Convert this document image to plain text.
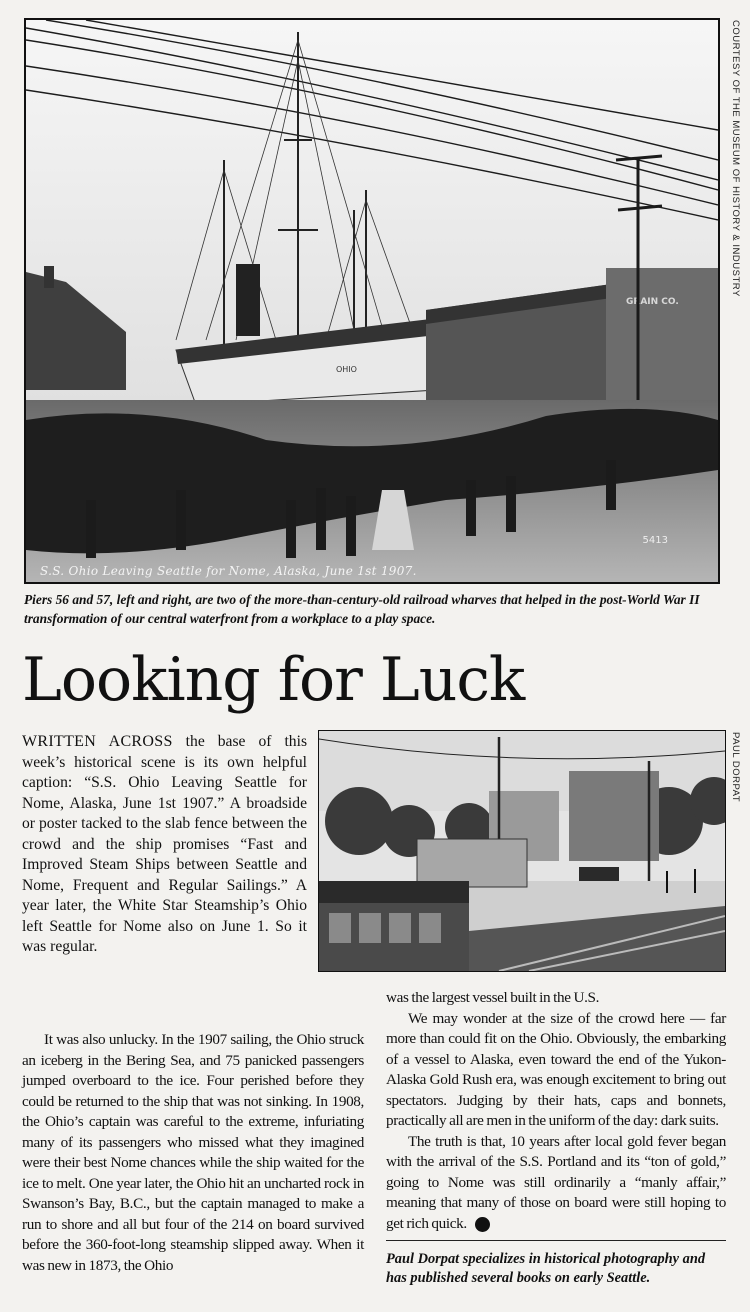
OHIO
GRAIN CO.
5413
S.S. Ohio Leaving Seattle for Nome, Alaska, June 1st 1907.
COURTESY OF THE MUSEUM OF HISTORY & INDUSTRY
Piers 56 and 57, left and right, are two of the more-than-century-old railroad wharves that helped in the post-World War II transformation of our central waterfront from a workplace to a play space.
Looking for Luck
PAUL DORPAT

WRITTEN ACROSS the base of this week’s historical scene is its own helpful caption: “S.S. Ohio Leaving Seattle for Nome, Alaska, June 1st 1907.” A broadside or poster tacked to the slab fence between the crowd and the ship promises “Fast and Improved Steam Ships between Seattle and Nome, Frequent and Regular Sailings.” A year later, the White Star Steamship’s Ohio left Seattle for Nome also on June 1. So it was regular.

It was also unlucky. In the 1907 sailing, the Ohio struck an iceberg in the Bering Sea, and 75 panicked passengers jumped overboard to the ice. Four perished before they could be returned to the ship that was not sinking. In 1908, the Ohio’s captain was careful to the extreme, infuriating many of its passengers who missed what they imagined were their best Nome chances while the ship waited for the ice to melt. One year later, the Ohio hit an uncharted rock in Swanson’s Bay, B.C., but the captain managed to make a run to shore and all but four of the 214 on board survived before the 360-foot-long steamship slipped away. When it was new in 1873, the Ohio

was the largest vessel built in the U.S.

We may wonder at the size of the crowd here — far more than could fit on the Ohio. Obviously, the embarking of a vessel to Alaska, even toward the end of the Yukon-Alaska Gold Rush era, was enough excitement to bring out spectators. Judging by their hats, caps and bonnets, practically all are men in the uniform of the day: dark suits.

The truth is that, 10 years after local gold fever began with the arrival of the S.S. Portland and its “ton of gold,” going to Nome was still ordinarily a “manly affair,” meaning that many of those on board were still hoping to get rich quick. P

Paul Dorpat specializes in historical photography and has published several books on early Seattle.
